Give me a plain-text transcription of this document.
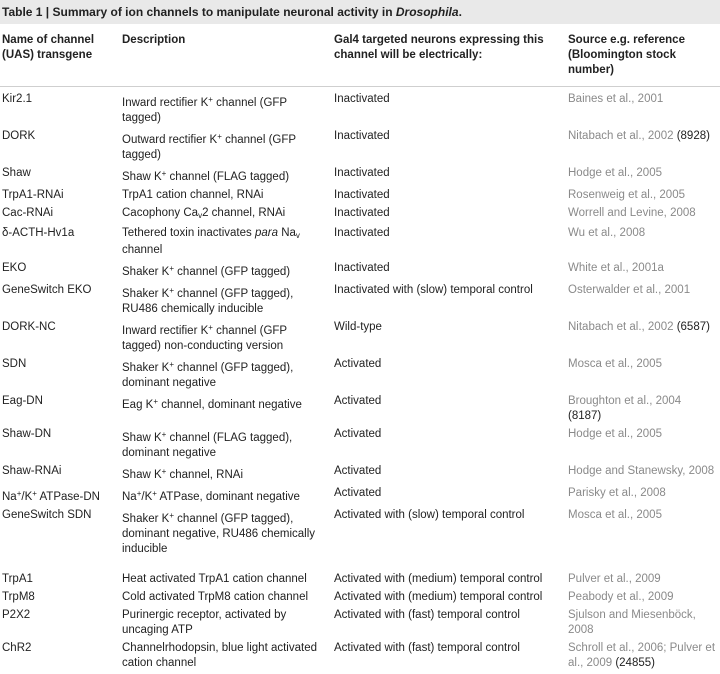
Table 1 | Summary of ion channels to manipulate neuronal activity in Drosophila.
Name of channel (UAS) transgene	Description	Gal4 targeted neurons expressing this channel will be electrically:	Source e.g. reference (Bloomington stock number)
Kir2.1	Inward rectifier K+ channel (GFP tagged)	Inactivated	Baines et al., 2001
DORK	Outward rectifier K+ channel (GFP tagged)	Inactivated	Nitabach et al., 2002 (8928)
Shaw	Shaw K+ channel (FLAG tagged)	Inactivated	Hodge et al., 2005
TrpA1-RNAi	TrpA1 cation channel, RNAi	Inactivated	Rosenweig et al., 2005
Cac-RNAi	Cacophony $Ca_v2$ channel, RNAi	Inactivated	Worrell and Levine, 2008
δ-ACTH-Hv1a	Tethered toxin inactivates para $Na_v$ channel	Inactivated	Wu et al., 2008
EKO	Shaker K+ channel (GFP tagged)	Inactivated	White et al., 2001a
GeneSwitch EKO	Shaker K+ channel (GFP tagged), RU486 chemically inducible	Inactivated with (slow) temporal control	Osterwalder et al., 2001
DORK-NC	Inward rectifier K+ channel (GFP tagged) non-conducting version	Wild-type	Nitabach et al., 2002 (6587)
SDN	Shaker K+ channel (GFP tagged), dominant negative	Activated	Mosca et al., 2005
Eag-DN	Eag K+ channel, dominant negative	Activated	Broughton et al., 2004 (8187)
Shaw-DN	Shaw K+ channel (FLAG tagged), dominant negative	Activated	Hodge et al., 2005
Shaw-RNAi	Shaw K+ channel, RNAi	Activated	Hodge and Stanewsky, 2008
Na+/K+ ATPase-DN	Na+/K+ ATPase, dominant negative	Activated	Parisky et al., 2008
GeneSwitch SDN	Shaker K+ channel (GFP tagged), dominant negative, RU486 chemically inducible	Activated with (slow) temporal control	Mosca et al., 2005
TrpA1	Heat activated TrpA1 cation channel	Activated with (medium) temporal control	Pulver et al., 2009
TrpM8	Cold activated TrpM8 cation channel	Activated with (medium) temporal control	Peabody et al., 2009
P2X2	Purinergic receptor, activated by uncaging ATP	Activated with (fast) temporal control	Sjulson and Miesenböck, 2008
ChR2	Channelrhodopsin, blue light activated cation channel	Activated with (fast) temporal control	Schroll et al., 2006; Pulver et al., 2009 (24855)
